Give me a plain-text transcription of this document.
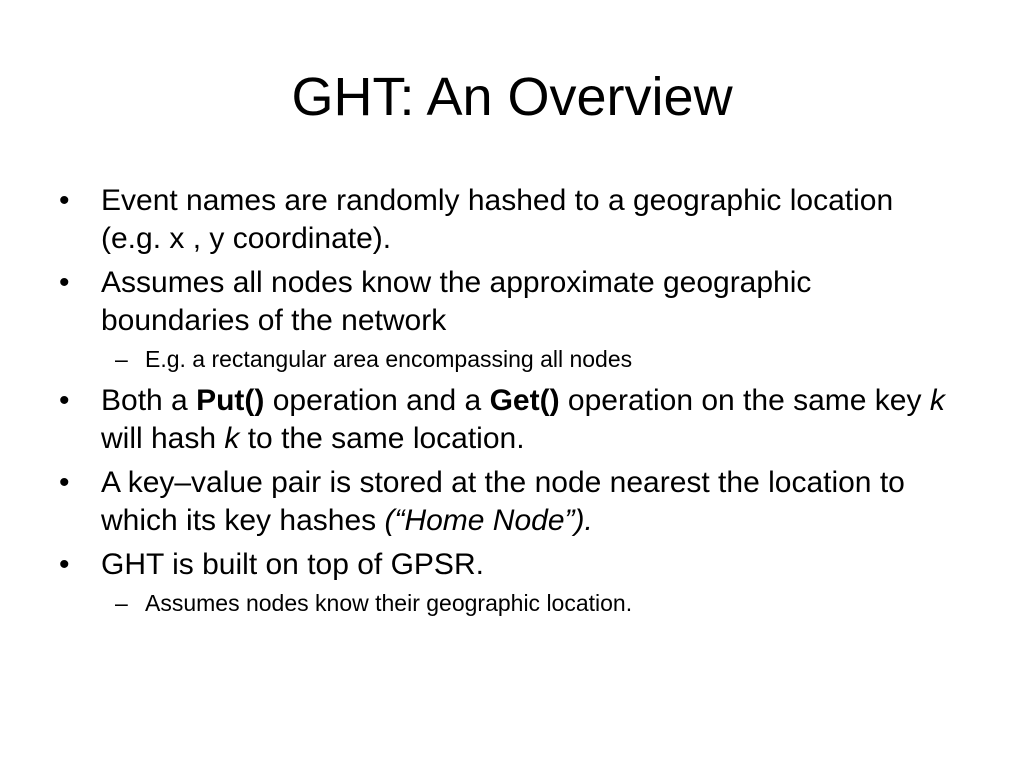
GHT: An Overview
• Event names are randomly hashed to a geographic location (e.g. x , y coordinate).
• Assumes all nodes know the approximate geographic boundaries of the network
– E.g. a rectangular area encompassing all nodes
• Both a Put() operation and a Get() operation on the same key k will hash k to the same location.
• A key–value pair is stored at the node nearest the location to which its key hashes (“Home Node”).
• GHT is built on top of GPSR.
– Assumes nodes know their geographic location.
